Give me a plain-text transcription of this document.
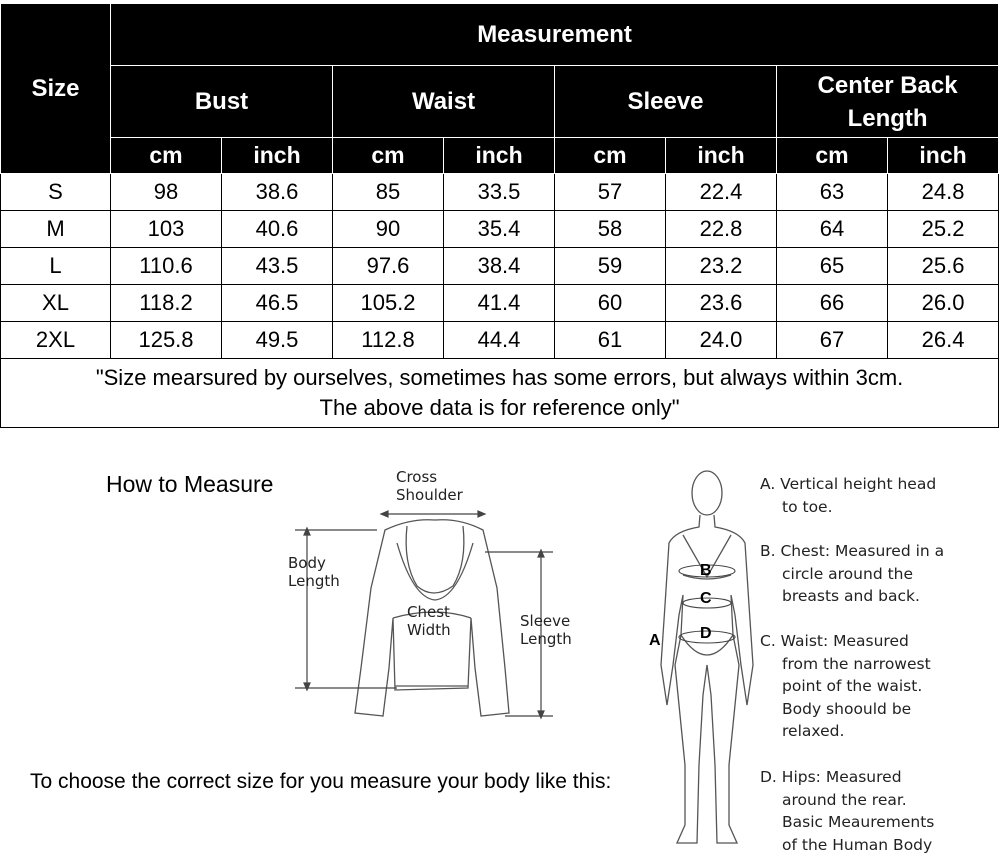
Size	Measurement							
	Bust		Waist		Sleeve		Center Back Length	
	cm	inch	cm	inch	cm	inch	cm	inch
S	98	38.6	85	33.5	57	22.4	63	24.8
M	103	40.6	90	35.4	58	22.8	64	25.2
L	110.6	43.5	97.6	38.4	59	23.2	65	25.6
XL	118.2	46.5	105.2	41.4	60	23.6	66	26.0
2XL	125.8	49.5	112.8	44.4	61	24.0	67	26.4
"Size mearsured by ourselves, sometimes has some errors, but always within 3cm.
The above data is for reference only"								
How to Measure	Cross
Shoulder
Body
Length
Chest
Width	Sleeve
Length
To choose the correct size for you measure your body like this:
B
C
D
A
A. Vertical height head
to toe.
B. Chest: Measured in a
circle around the
breasts and back.
C. Waist: Measured
from the narrowest
point of the waist.
Body shoould be
relaxed.
D. Hips: Measured
around the rear.
Basic Meaurements
of the Human Body
